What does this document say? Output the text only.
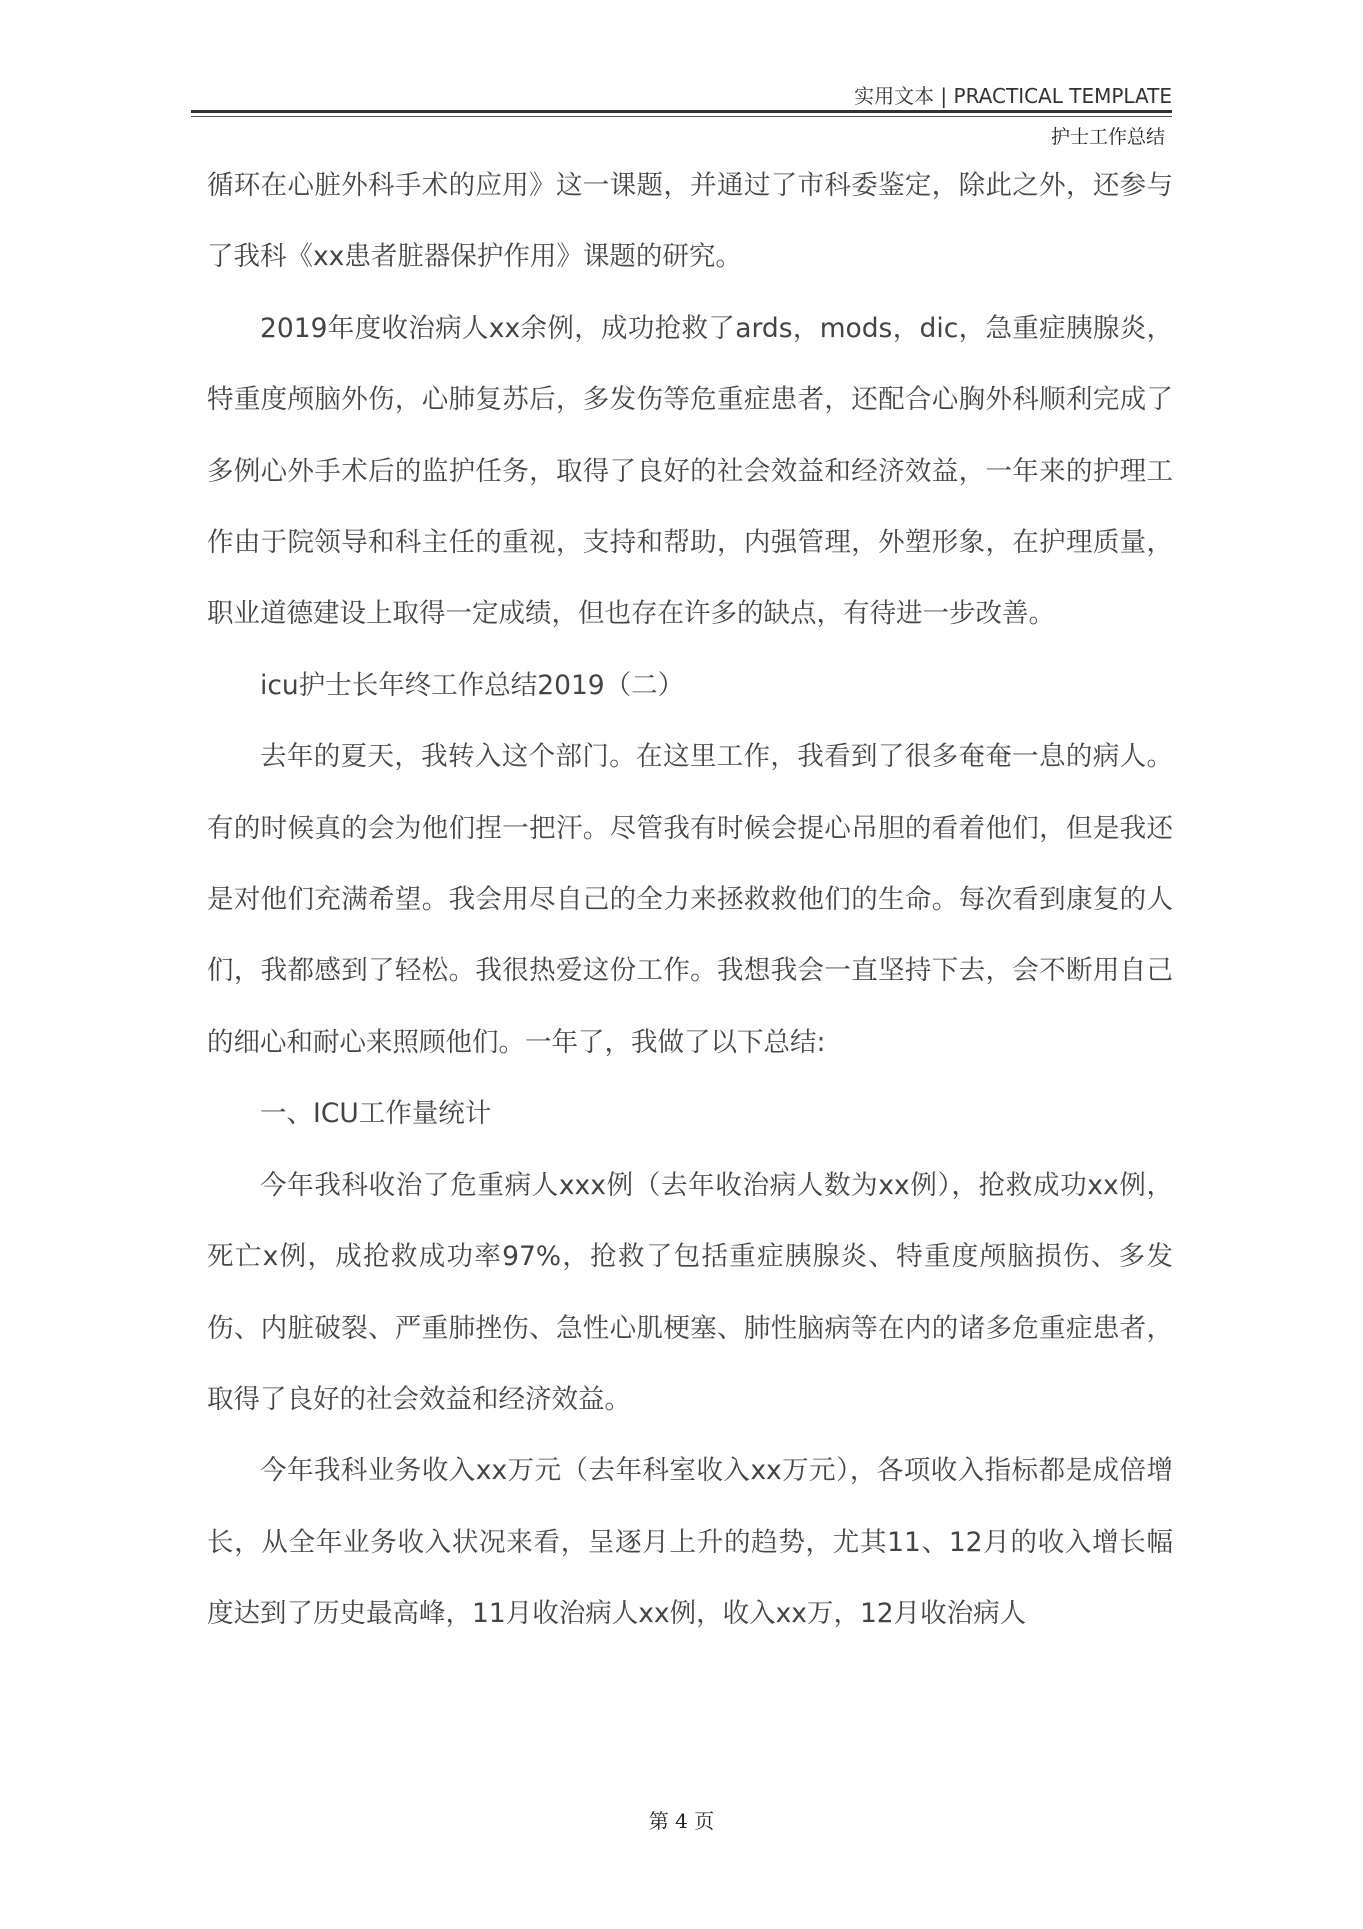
实用文本 | PRACTICAL TEMPLATE
护士工作总结

循环在心脏外科手术的应用》这一课题，并通过了市科委鉴定，除此之外，还参与了我科《xx患者脏器保护作用》课题的研究。

2019年度收治病人xx余例，成功抢救了ards，mods，dic，急重症胰腺炎，特重度颅脑外伤，心肺复苏后，多发伤等危重症患者，还配合心胸外科顺利完成了多例心外手术后的监护任务，取得了良好的社会效益和经济效益，一年来的护理工作由于院领导和科主任的重视，支持和帮助，内强管理，外塑形象，在护理质量，职业道德建设上取得一定成绩，但也存在许多的缺点，有待进一步改善。

icu护士长年终工作总结2019（二）

去年的夏天，我转入这个部门。在这里工作，我看到了很多奄奄一息的病人。有的时候真的会为他们捏一把汗。尽管我有时候会提心吊胆的看着他们，但是我还是对他们充满希望。我会用尽自己的全力来拯救救他们的生命。每次看到康复的人们，我都感到了轻松。我很热爱这份工作。我想我会一直坚持下去，会不断用自己的细心和耐心来照顾他们。一年了，我做了以下总结:

一、ICU工作量统计

今年我科收治了危重病人xxx例（去年收治病人数为xx例），抢救成功xx例，死亡x例，成抢救成功率97%，抢救了包括重症胰腺炎、特重度颅脑损伤、多发伤、内脏破裂、严重肺挫伤、急性心肌梗塞、肺性脑病等在内的诸多危重症患者，取得了良好的社会效益和经济效益。

今年我科业务收入xx万元（去年科室收入xx万元），各项收入指标都是成倍增长，从全年业务收入状况来看，呈逐月上升的趋势，尤其11、12月的收入增长幅度达到了历史最高峰，11月收治病人xx例，收入xx万，12月收治病人

第 4 页
